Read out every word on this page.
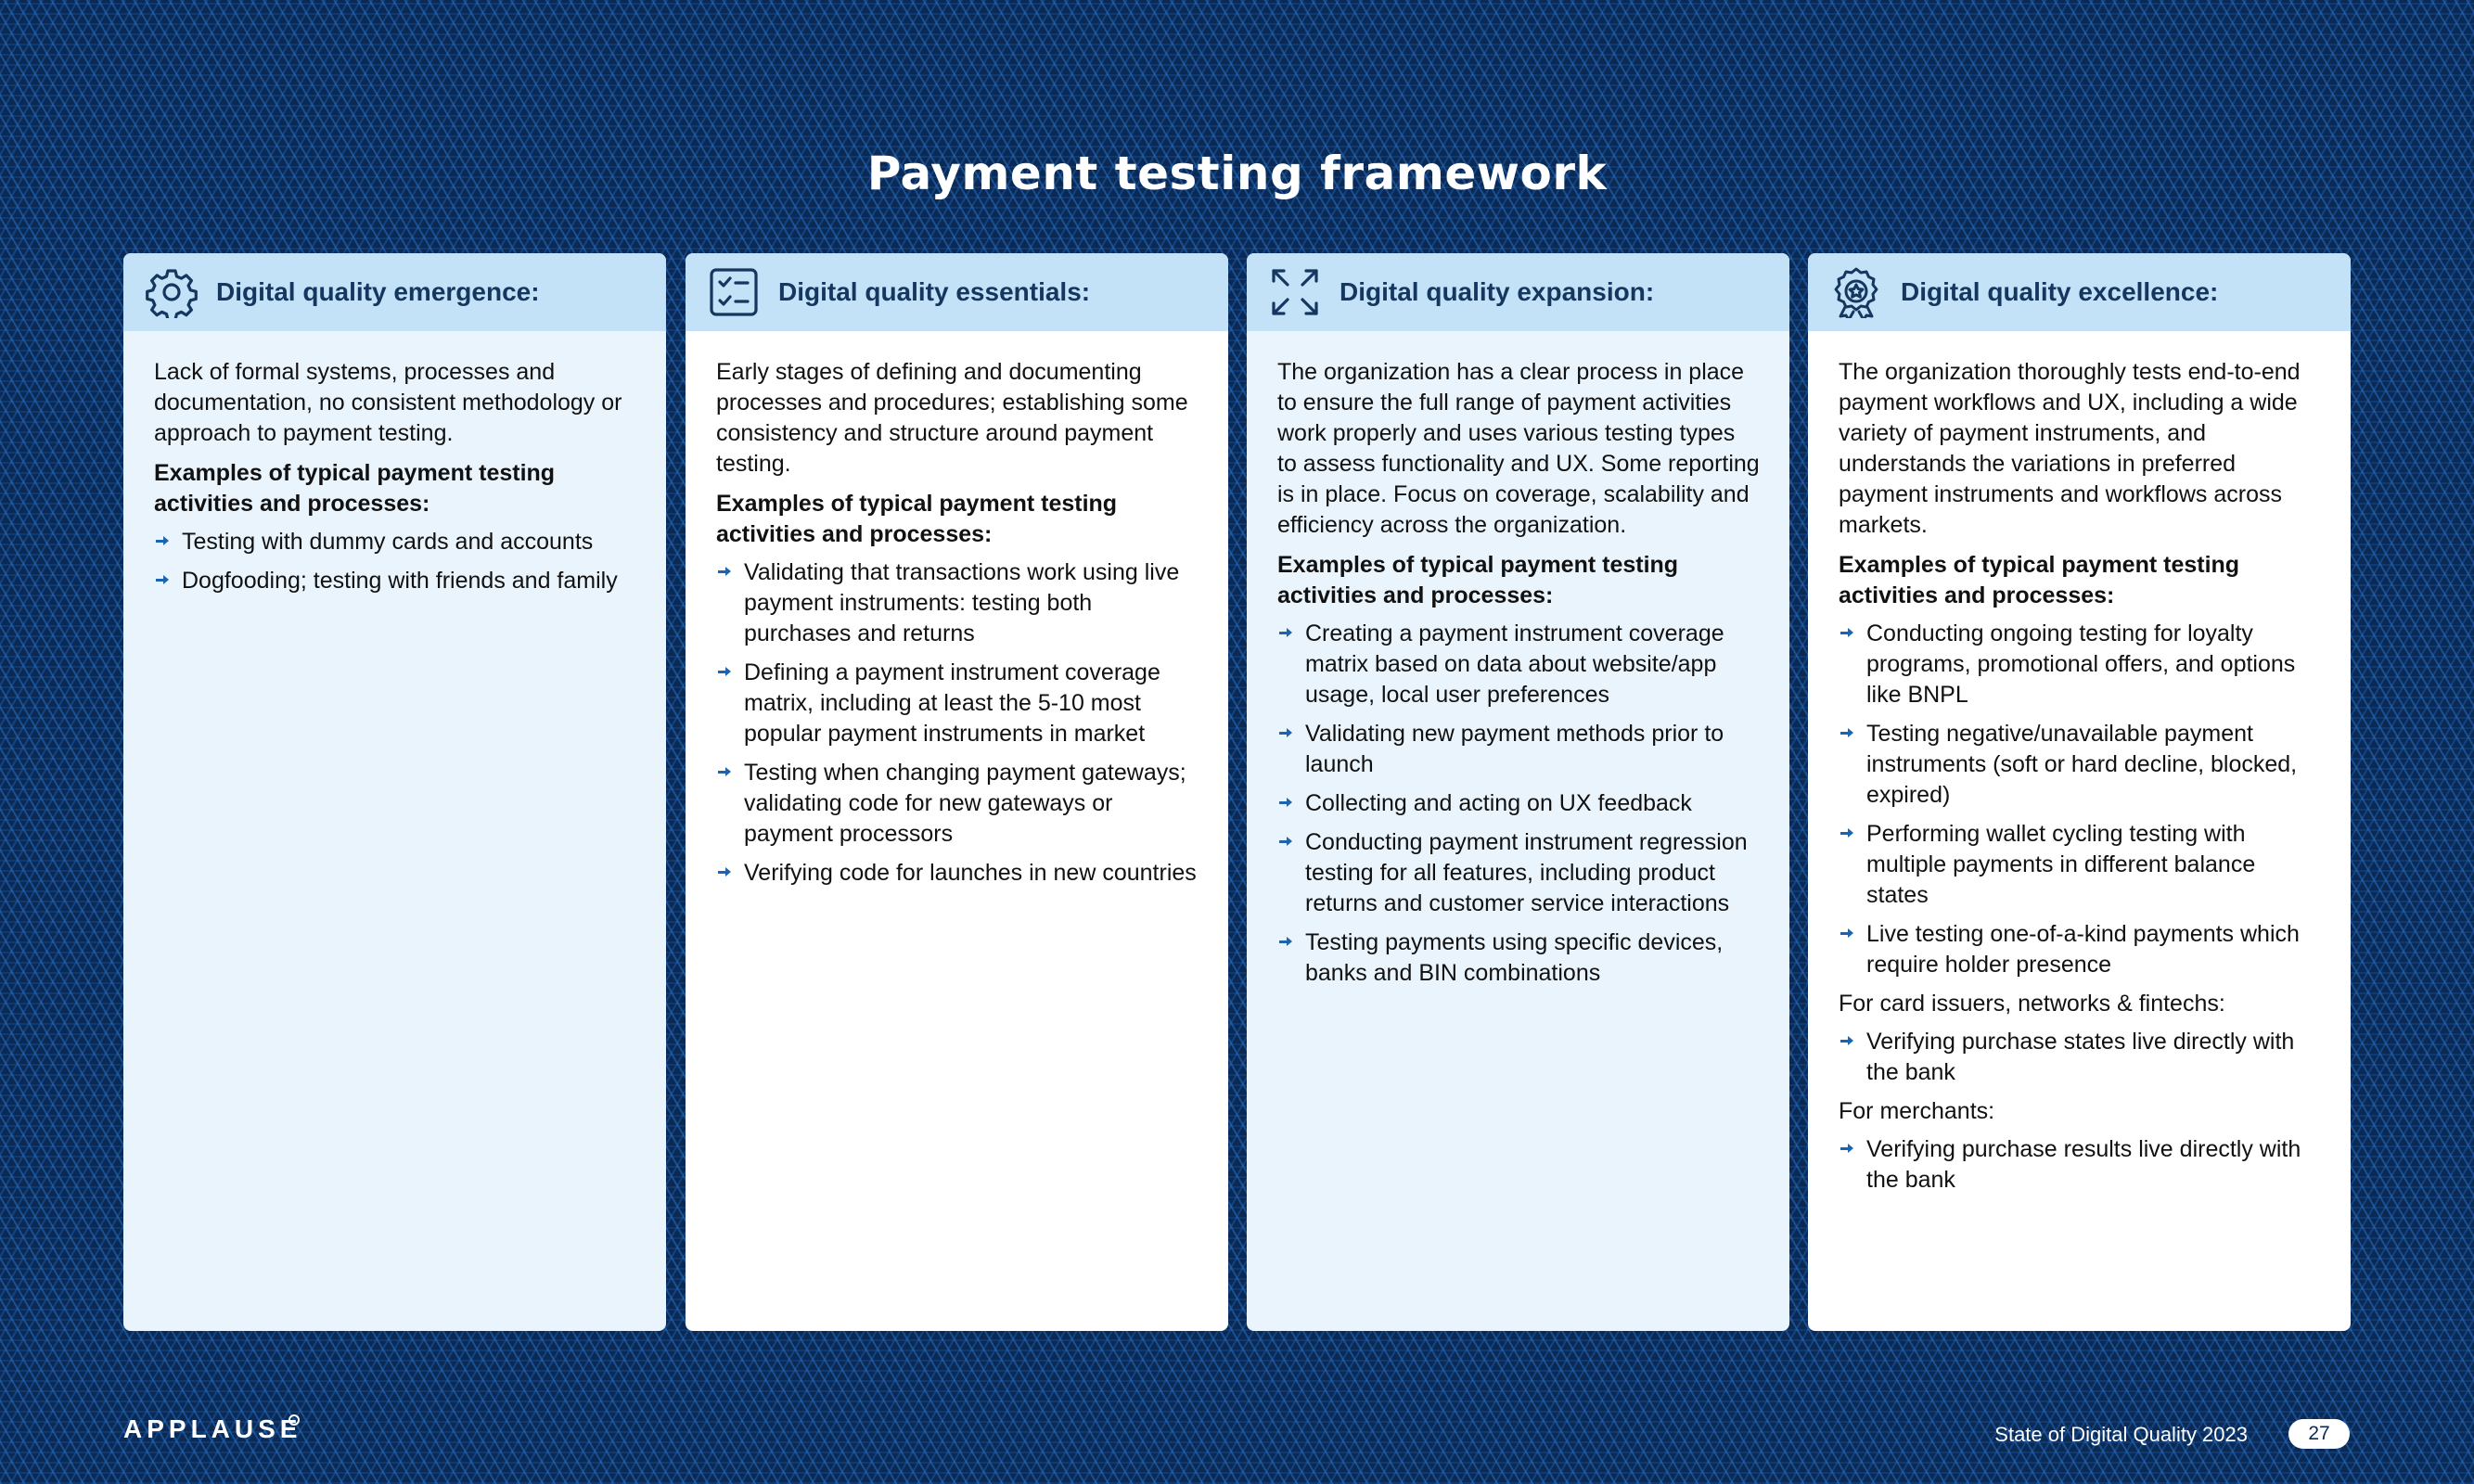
Payment testing framework
Digital quality emergence:

Lack of formal systems, processes and documentation, no consistent methodology or approach to payment testing.

Examples of typical payment testing activities and processes:

Testing with dummy cards and accounts
Dogfooding; testing with friends and family
Digital quality essentials:

Early stages of defining and documenting processes and procedures; establishing some consistency and structure around payment testing.

Examples of typical payment testing activities and processes:

Validating that transactions work using live payment instruments: testing both purchases and returns
Defining a payment instrument coverage matrix, including at least the 5-10 most popular payment instruments in market
Testing when changing payment gateways; validating code for new gateways or payment processors
Verifying code for launches in new countries
Digital quality expansion:

The organization has a clear process in place to ensure the full range of payment activities work properly and uses various testing types to assess functionality and UX. Some reporting is in place. Focus on coverage, scalability and efficiency across the organization.

Examples of typical payment testing activities and processes:

Creating a payment instrument coverage matrix based on data about website/app usage, local user preferences
Validating new payment methods prior to launch
Collecting and acting on UX feedback
Conducting payment instrument regression testing for all features, including product returns and customer service interactions
Testing payments using specific devices, banks and BIN combinations
Digital quality excellence:

The organization thoroughly tests end-to-end payment workflows and UX, including a wide variety of payment instruments, and understands the variations in preferred payment instruments and workflows across markets.

Examples of typical payment testing activities and processes:

Conducting ongoing testing for loyalty programs, promotional offers, and options like BNPL
Testing negative/unavailable payment instruments (soft or hard decline, blocked, expired)
Performing wallet cycling testing with multiple payments in different balance states
Live testing one-of-a-kind payments which require holder presence

For card issuers, networks & fintechs:

Verifying purchase states live directly with the bank

For merchants:

Verifying purchase results live directly with the bank
APPLAUSE	State of Digital Quality 2023	27
